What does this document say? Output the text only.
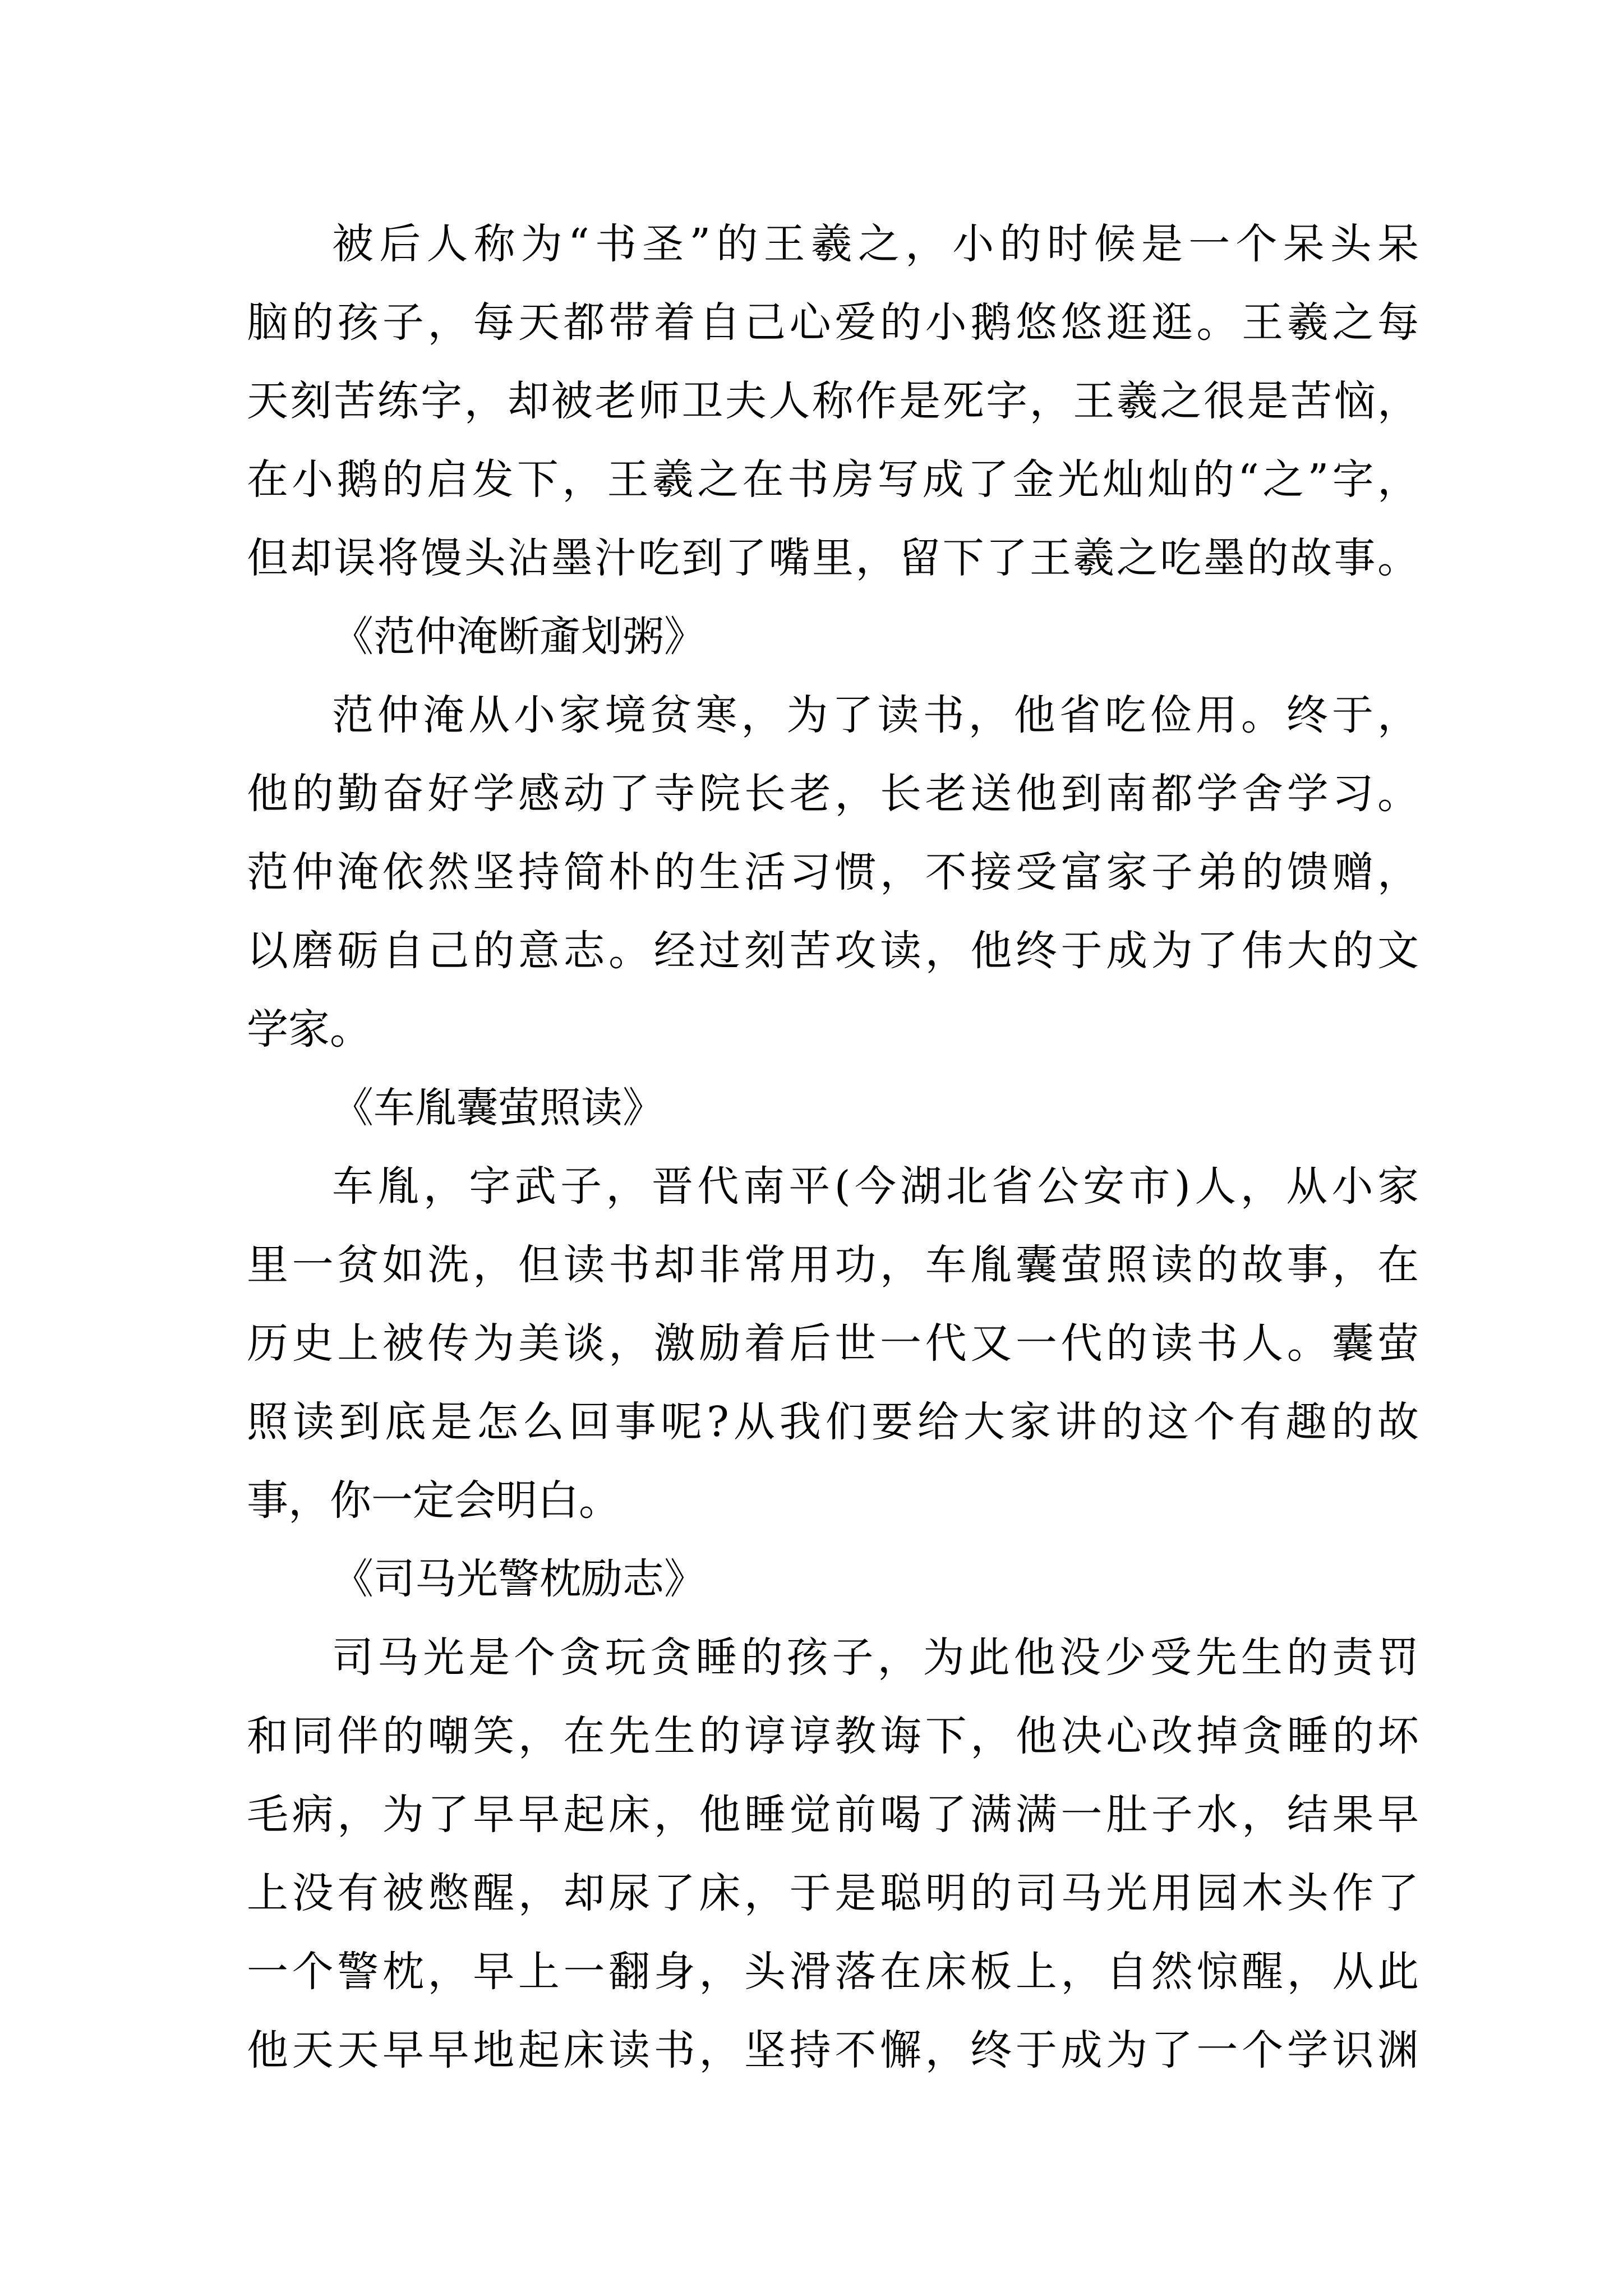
被后人称为“书圣”的王羲之，小的时候是一个呆头呆
脑的孩子，每天都带着自己心爱的小鹅悠悠逛逛。王羲之每
天刻苦练字，却被老师卫夫人称作是死字，王羲之很是苦恼，
在小鹅的启发下，王羲之在书房写成了金光灿灿的“之”字，
但却误将馒头沾墨汁吃到了嘴里，留下了王羲之吃墨的故事。
《范仲淹断齑划粥》
范仲淹从小家境贫寒，为了读书，他省吃俭用。终于，
他的勤奋好学感动了寺院长老，长老送他到南都学舍学习。
范仲淹依然坚持简朴的生活习惯，不接受富家子弟的馈赠，
以磨砺自己的意志。经过刻苦攻读，他终于成为了伟大的文
学家。
《车胤囊萤照读》
车胤，字武子，晋代南平(今湖北省公安市)人，从小家
里一贫如洗，但读书却非常用功，车胤囊萤照读的故事，在
历史上被传为美谈，激励着后世一代又一代的读书人。囊萤
照读到底是怎么回事呢?从我们要给大家讲的这个有趣的故
事，你一定会明白。
《司马光警枕励志》
司马光是个贪玩贪睡的孩子，为此他没少受先生的责罚
和同伴的嘲笑，在先生的谆谆教诲下，他决心改掉贪睡的坏
毛病，为了早早起床，他睡觉前喝了满满一肚子水，结果早
上没有被憋醒，却尿了床，于是聪明的司马光用园木头作了
一个警枕，早上一翻身，头滑落在床板上，自然惊醒，从此
他天天早早地起床读书，坚持不懈，终于成为了一个学识渊
